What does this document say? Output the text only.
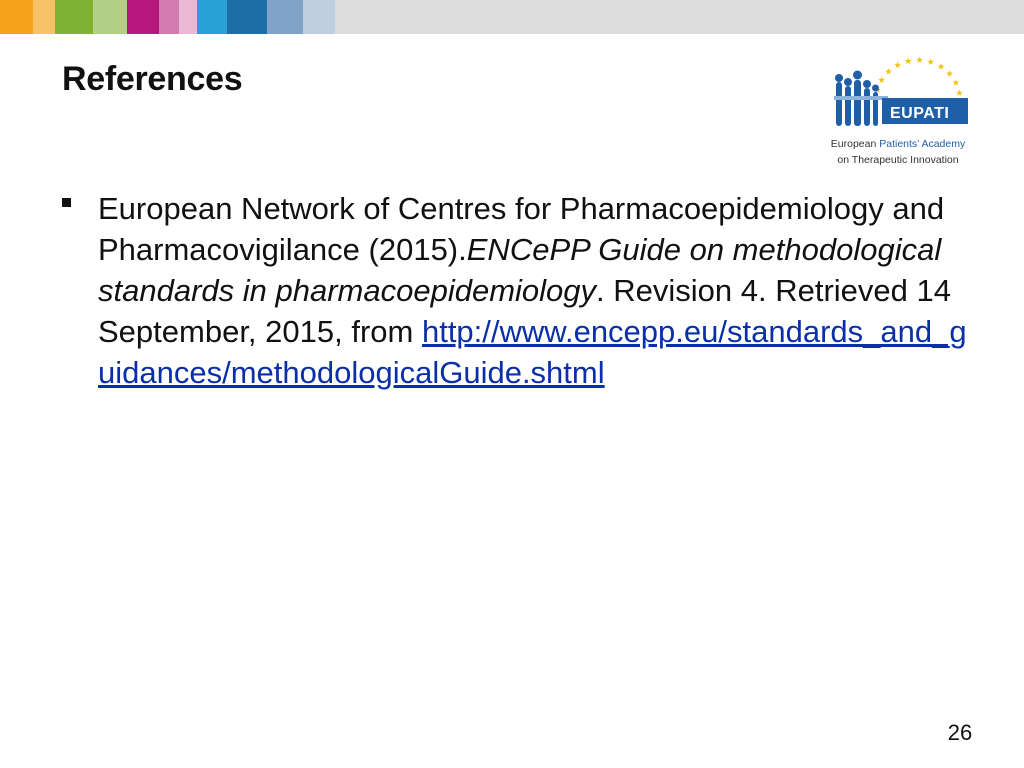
References
EUPATI
European Patients’ Academy
on Therapeutic Innovation
European Network of Centres for Pharmacoepidemiology and Pharmacovigilance (2015).ENCePP Guide on methodological standards in pharmacoepidemiology. Revision 4. Retrieved 14 September, 2015, from http://www.encepp.eu/standards_and_guidances/methodologicalGuide.shtml
26
